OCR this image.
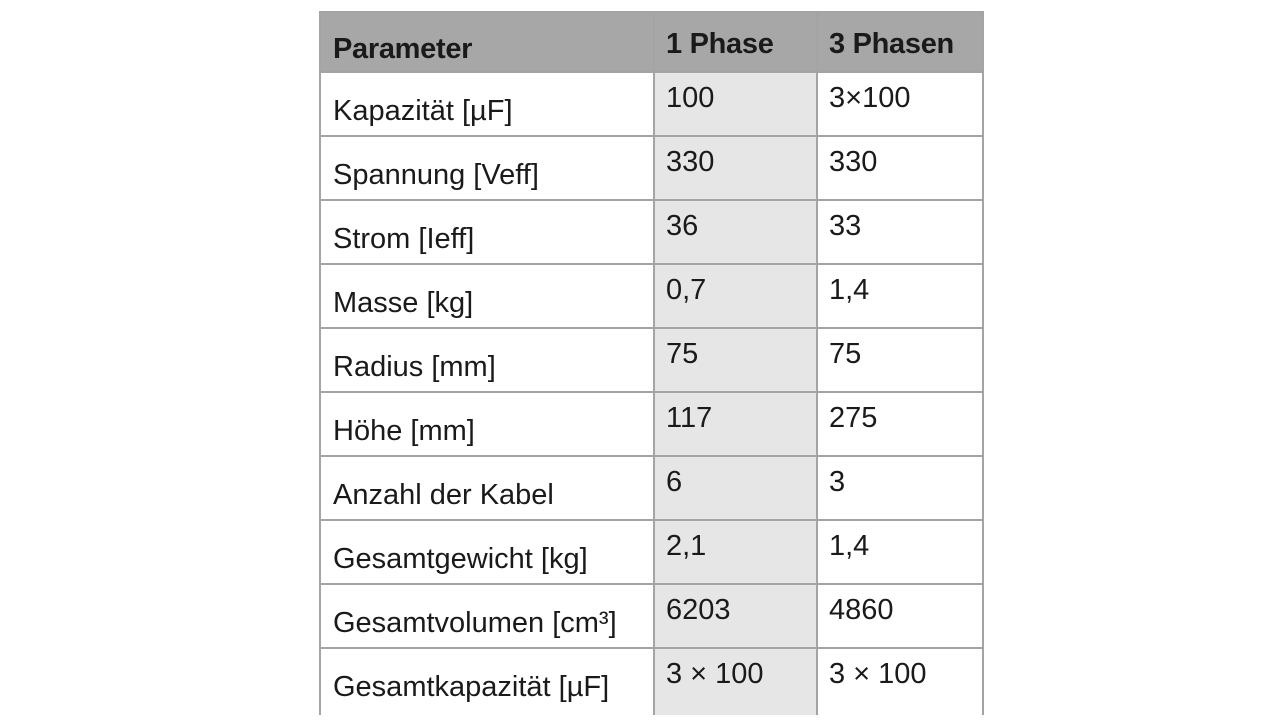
Parameter	1 Phase	3 Phasen

Kapazität [µF]	100	3×100

Spannung [Veff]	330	330

Strom [Ieff]	36	33

Masse [kg]	0,7	1,4

Radius [mm]	75	75

Höhe [mm]	117	275

Anzahl der Kabel	6	3

Gesamtgewicht [kg]	2,1	1,4

Gesamtvolumen [cm³]	6203	4860

Gesamtkapazität [µF]	3 × 100	3 × 100
